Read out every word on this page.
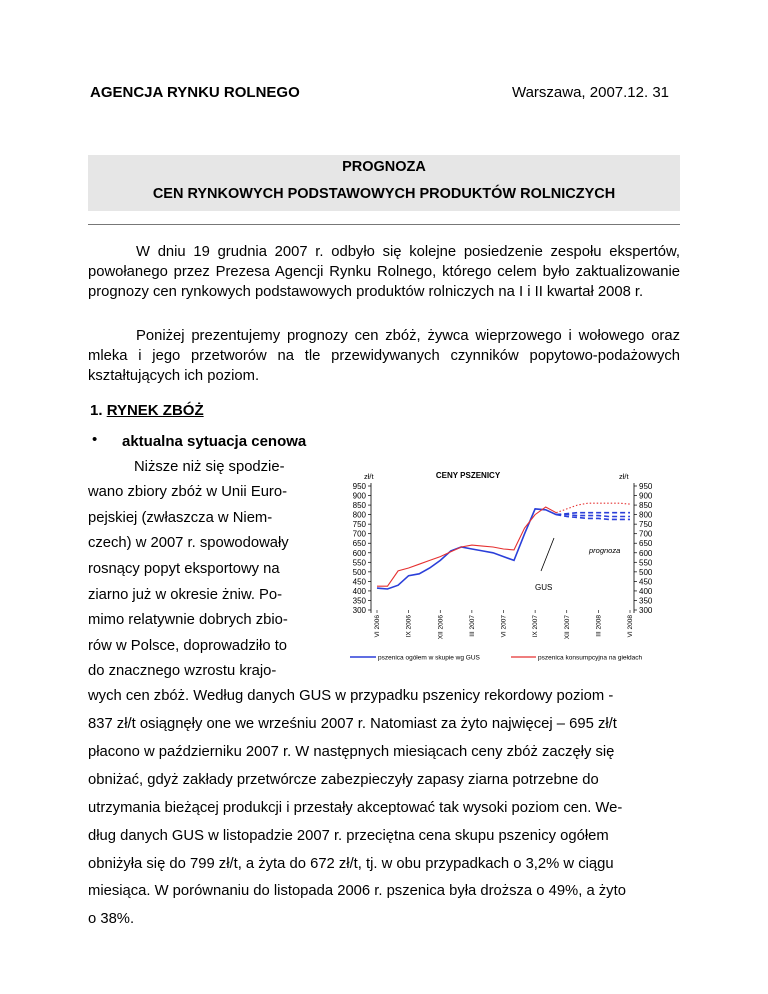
AGENCJA RYNKU ROLNEGO	Warszawa, 2007.12. 31
PROGNOZA
CEN RYNKOWYCH PODSTAWOWYCH PRODUKTÓW ROLNICZYCH
W dniu 19 grudnia 2007 r. odbyło się kolejne posiedzenie zespołu ekspertów, powołanego przez Prezesa Agencji Rynku Rolnego, którego celem było zaktualizowanie prognozy cen rynkowych podstawowych produktów rolniczych na I i II kwartał 2008 r.
Poniżej prezentujemy prognozy cen zbóż, żywca wieprzowego i wołowego oraz mleka i jego przetworów na tle przewidywanych czynników popytowo-podażowych kształtujących ich poziom.
1. RYNEK ZBÓŻ
• aktualna sytuacja cenowa
Niższe niż się spodzie-
wano zbiory zbóż w Unii Euro-
pejskiej (zwłaszcza w Niem-
czech) w 2007 r. spowodowały
rosnący popyt eksportowy na
ziarno już w okresie żniw. Po-
mimo relatywnie dobrych zbio-
rów w Polsce, doprowadziło to
do znacznego wzrostu krajo-
wych cen zbóż. Według danych GUS w przypadku pszenicy rekordowy poziom -
837 zł/t osiągnęły one we wrześniu 2007 r. Natomiast za żyto najwięcej – 695 zł/t
płacono w październiku 2007 r. W następnych miesiącach ceny zbóż zaczęły się
obniżać, gdyż zakłady przetwórcze zabezpieczyły zapasy ziarna potrzebne do
utrzymania bieżącej produkcji i przestały akceptować tak wysoki poziom cen. We-
dług danych GUS w listopadzie 2007 r. przeciętna cena skupu pszenicy ogółem
obniżyła się do 799 zł/t, a żyta do 672 zł/t, tj. w obu przypadkach o 3,2% w ciągu
miesiąca. W porównaniu do listopada 2006 r. pszenica była droższa o 49%, a żyto
o 38%.
CENY PSZENICY
zł/t	zł/t
950
900
850
800
750
700
650
600
550
500
450
400
350
300
950
900
850
800
750
700
650
600
550
500
450
400
350
300
VI 2006	IX 2006	XII 2006	III 2007	VI 2007	IX 2007	XII 2007	III 2008	VI 2008
GUS
prognoza
pszenica ogółem w skupie wg GUS	pszenica konsumpcyjna na giełdach
